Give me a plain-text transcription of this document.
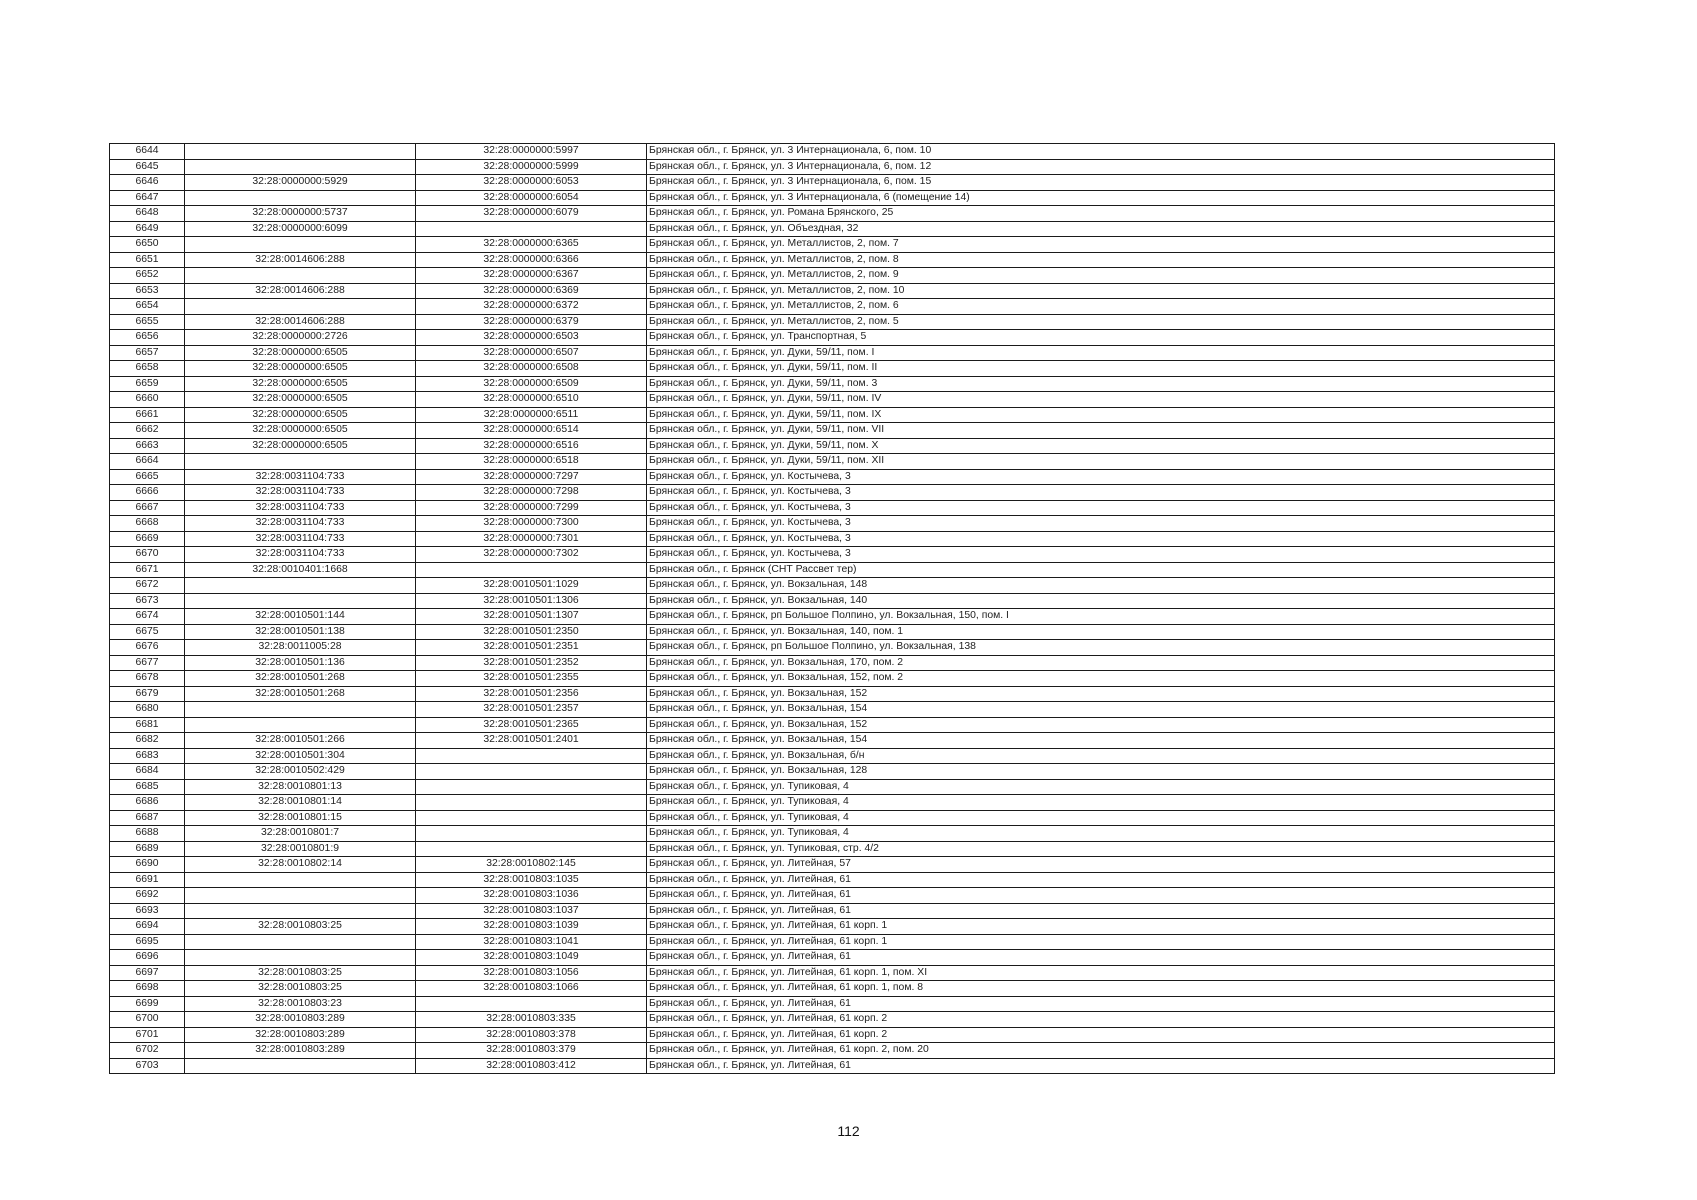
6644		32:28:0000000:5997	Брянская обл., г. Брянск, ул. 3 Интернационала, 6, пом. 10
6645		32:28:0000000:5999	Брянская обл., г. Брянск, ул. 3 Интернационала, 6, пом. 12
6646	32:28:0000000:5929	32:28:0000000:6053	Брянская обл., г. Брянск, ул. 3 Интернационала, 6, пом. 15
6647		32:28:0000000:6054	Брянская обл., г. Брянск, ул. 3 Интернационала, 6 (помещение 14)
6648	32:28:0000000:5737	32:28:0000000:6079	Брянская обл., г. Брянск, ул. Романа Брянского, 25
6649	32:28:0000000:6099		Брянская обл., г. Брянск, ул. Объездная, 32
6650		32:28:0000000:6365	Брянская обл., г. Брянск, ул. Металлистов, 2, пом. 7
6651	32:28:0014606:288	32:28:0000000:6366	Брянская обл., г. Брянск, ул. Металлистов, 2, пом. 8
6652		32:28:0000000:6367	Брянская обл., г. Брянск, ул. Металлистов, 2, пом. 9
6653	32:28:0014606:288	32:28:0000000:6369	Брянская обл., г. Брянск, ул. Металлистов, 2, пом. 10
6654		32:28:0000000:6372	Брянская обл., г. Брянск, ул. Металлистов, 2, пом. 6
6655	32:28:0014606:288	32:28:0000000:6379	Брянская обл., г. Брянск, ул. Металлистов, 2, пом. 5
6656	32:28:0000000:2726	32:28:0000000:6503	Брянская обл., г. Брянск, ул. Транспортная, 5
6657	32:28:0000000:6505	32:28:0000000:6507	Брянская обл., г. Брянск, ул. Дуки, 59/11, пом. I
6658	32:28:0000000:6505	32:28:0000000:6508	Брянская обл., г. Брянск, ул. Дуки, 59/11, пом. II
6659	32:28:0000000:6505	32:28:0000000:6509	Брянская обл., г. Брянск, ул. Дуки, 59/11, пом. 3
6660	32:28:0000000:6505	32:28:0000000:6510	Брянская обл., г. Брянск, ул. Дуки, 59/11, пом. IV
6661	32:28:0000000:6505	32:28:0000000:6511	Брянская обл., г. Брянск, ул. Дуки, 59/11, пом. IX
6662	32:28:0000000:6505	32:28:0000000:6514	Брянская обл., г. Брянск, ул. Дуки, 59/11, пом. VII
6663	32:28:0000000:6505	32:28:0000000:6516	Брянская обл., г. Брянск, ул. Дуки, 59/11, пом. X
6664		32:28:0000000:6518	Брянская обл., г. Брянск, ул. Дуки, 59/11, пом. XII
6665	32:28:0031104:733	32:28:0000000:7297	Брянская обл., г. Брянск, ул. Костычева, 3
6666	32:28:0031104:733	32:28:0000000:7298	Брянская обл., г. Брянск, ул. Костычева, 3
6667	32:28:0031104:733	32:28:0000000:7299	Брянская обл., г. Брянск, ул. Костычева, 3
6668	32:28:0031104:733	32:28:0000000:7300	Брянская обл., г. Брянск, ул. Костычева, 3
6669	32:28:0031104:733	32:28:0000000:7301	Брянская обл., г. Брянск, ул. Костычева, 3
6670	32:28:0031104:733	32:28:0000000:7302	Брянская обл., г. Брянск, ул. Костычева, 3
6671	32:28:0010401:1668		Брянская обл., г. Брянск (СНТ Рассвет тер)
6672		32:28:0010501:1029	Брянская обл., г. Брянск, ул. Вокзальная, 148
6673		32:28:0010501:1306	Брянская обл., г. Брянск, ул. Вокзальная, 140
6674	32:28:0010501:144	32:28:0010501:1307	Брянская обл., г. Брянск, рп Большое Полпино, ул. Вокзальная, 150, пом. I
6675	32:28:0010501:138	32:28:0010501:2350	Брянская обл., г. Брянск, ул. Вокзальная, 140, пом. 1
6676	32:28:0011005:28	32:28:0010501:2351	Брянская обл., г. Брянск, рп Большое Полпино, ул. Вокзальная, 138
6677	32:28:0010501:136	32:28:0010501:2352	Брянская обл., г. Брянск, ул. Вокзальная, 170, пом. 2
6678	32:28:0010501:268	32:28:0010501:2355	Брянская обл., г. Брянск, ул. Вокзальная, 152, пом. 2
6679	32:28:0010501:268	32:28:0010501:2356	Брянская обл., г. Брянск, ул. Вокзальная, 152
6680		32:28:0010501:2357	Брянская обл., г. Брянск, ул. Вокзальная, 154
6681		32:28:0010501:2365	Брянская обл., г. Брянск, ул. Вокзальная, 152
6682	32:28:0010501:266	32:28:0010501:2401	Брянская обл., г. Брянск, ул. Вокзальная, 154
6683	32:28:0010501:304		Брянская обл., г. Брянск, ул. Вокзальная, б/н
6684	32:28:0010502:429		Брянская обл., г. Брянск, ул. Вокзальная, 128
6685	32:28:0010801:13		Брянская обл., г. Брянск, ул. Тупиковая, 4
6686	32:28:0010801:14		Брянская обл., г. Брянск, ул. Тупиковая, 4
6687	32:28:0010801:15		Брянская обл., г. Брянск, ул. Тупиковая, 4
6688	32:28:0010801:7		Брянская обл., г. Брянск, ул. Тупиковая, 4
6689	32:28:0010801:9		Брянская обл., г. Брянск, ул. Тупиковая, стр. 4/2
6690	32:28:0010802:14	32:28:0010802:145	Брянская обл., г. Брянск, ул. Литейная, 57
6691		32:28:0010803:1035	Брянская обл., г. Брянск, ул. Литейная, 61
6692		32:28:0010803:1036	Брянская обл., г. Брянск, ул. Литейная, 61
6693		32:28:0010803:1037	Брянская обл., г. Брянск, ул. Литейная, 61
6694	32:28:0010803:25	32:28:0010803:1039	Брянская обл., г. Брянск, ул. Литейная, 61 корп. 1
6695		32:28:0010803:1041	Брянская обл., г. Брянск, ул. Литейная, 61 корп. 1
6696		32:28:0010803:1049	Брянская обл., г. Брянск, ул. Литейная, 61
6697	32:28:0010803:25	32:28:0010803:1056	Брянская обл., г. Брянск, ул. Литейная, 61 корп. 1, пом. XI
6698	32:28:0010803:25	32:28:0010803:1066	Брянская обл., г. Брянск, ул. Литейная, 61 корп. 1, пом. 8
6699	32:28:0010803:23		Брянская обл., г. Брянск, ул. Литейная, 61
6700	32:28:0010803:289	32:28:0010803:335	Брянская обл., г. Брянск, ул. Литейная, 61 корп. 2
6701	32:28:0010803:289	32:28:0010803:378	Брянская обл., г. Брянск, ул. Литейная, 61 корп. 2
6702	32:28:0010803:289	32:28:0010803:379	Брянская обл., г. Брянск, ул. Литейная, 61 корп. 2, пом. 20
6703		32:28:0010803:412	Брянская обл., г. Брянск, ул. Литейная, 61
112
